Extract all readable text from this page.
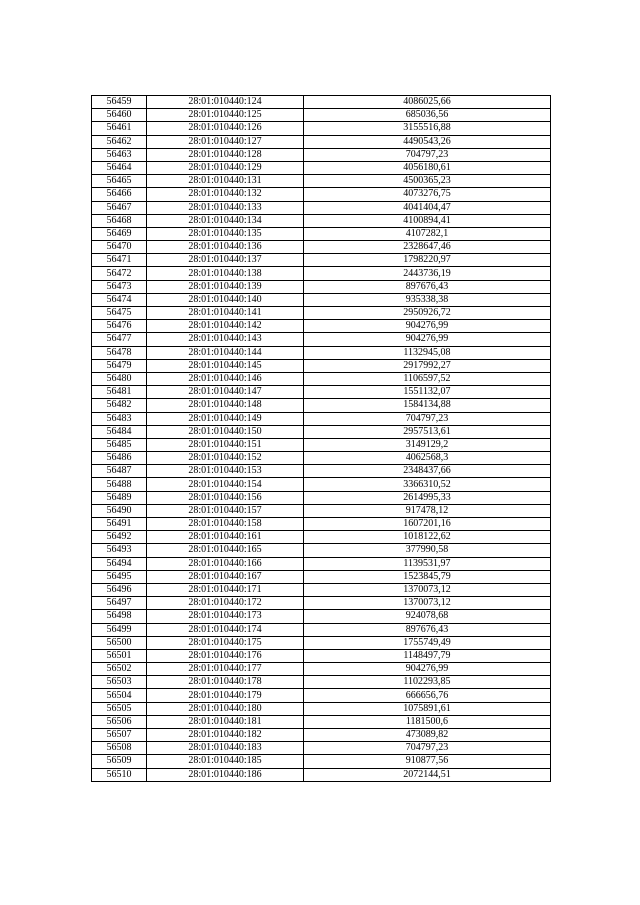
56459	28:01:010440:124	4086025,66
56460	28:01:010440:125	685036,56
56461	28:01:010440:126	3155516,88
56462	28:01:010440:127	4490543,26
56463	28:01:010440:128	704797,23
56464	28:01:010440:129	4056180,61
56465	28:01:010440:131	4500365,23
56466	28:01:010440:132	4073276,75
56467	28:01:010440:133	4041404,47
56468	28:01:010440:134	4100894,41
56469	28:01:010440:135	4107282,1
56470	28:01:010440:136	2328647,46
56471	28:01:010440:137	1798220,97
56472	28:01:010440:138	2443736,19
56473	28:01:010440:139	897676,43
56474	28:01:010440:140	935338,38
56475	28:01:010440:141	2950926,72
56476	28:01:010440:142	904276,99
56477	28:01:010440:143	904276,99
56478	28:01:010440:144	1132945,08
56479	28:01:010440:145	2917992,27
56480	28:01:010440:146	1106597,52
56481	28:01:010440:147	1551132,07
56482	28:01:010440:148	1584134,88
56483	28:01:010440:149	704797,23
56484	28:01:010440:150	2957513,61
56485	28:01:010440:151	3149129,2
56486	28:01:010440:152	4062568,3
56487	28:01:010440:153	2348437,66
56488	28:01:010440:154	3366310,52
56489	28:01:010440:156	2614995,33
56490	28:01:010440:157	917478,12
56491	28:01:010440:158	1607201,16
56492	28:01:010440:161	1018122,62
56493	28:01:010440:165	377990,58
56494	28:01:010440:166	1139531,97
56495	28:01:010440:167	1523845,79
56496	28:01:010440:171	1370073,12
56497	28:01:010440:172	1370073,12
56498	28:01:010440:173	924078,68
56499	28:01:010440:174	897676,43
56500	28:01:010440:175	1755749,49
56501	28:01:010440:176	1148497,79
56502	28:01:010440:177	904276,99
56503	28:01:010440:178	1102293,85
56504	28:01:010440:179	666656,76
56505	28:01:010440:180	1075891,61
56506	28:01:010440:181	1181500,6
56507	28:01:010440:182	473089,82
56508	28:01:010440:183	704797,23
56509	28:01:010440:185	910877,56
56510	28:01:010440:186	2072144,51
